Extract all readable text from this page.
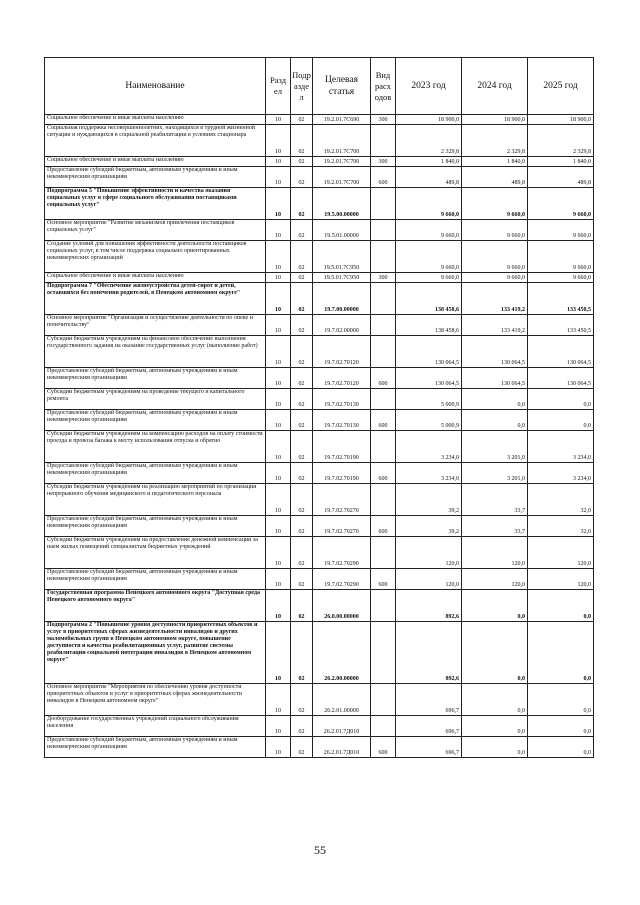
Наименование	Разд ел	Подр азде л	Целевая статья	Вид расх одов	2023 год	2024 год	2025 год
Социальное обеспечение и иные выплаты населению	10	02	19.2.01.7С690	300	18 900,0	18 900,0	18 900,0
Социальная поддержка несовершеннолетних, находящихся в трудной жизненной ситуации и нуждающихся в социальной реабилитации в условиях стационара	10	02	19.2.01.7С700		2 329,8	2 329,8	2 329,8
Социальное обеспечение и иные выплаты населению	10	02	19.2.01.7С700	300	1 840,0	1 840,0	1 840,0
Предоставление субсидий бюджетным, автономным учреждениям и иным некоммерческим организациям	10	02	19.2.01.7С700	600	489,8	489,8	489,8
Подпрограмма 5 "Повышение эффективности и качества оказания социальных услуг в сфере социального обслуживания поставщиками социальных услуг"	10	02	19.5.00.00000		9 660,0	9 660,0	9 660,0
Основное мероприятие "Развитие механизмов привлечения поставщиков социальных услуг"	10	02	19.5.01.00000		9 660,0	9 660,0	9 660,0
Создание условий для повышения эффективности деятельности поставщиков социальных услуг, в том числе поддержка социально ориентированных некоммерческих организаций	10	02	19.5.01.7С950		9 660,0	9 660,0	9 660,0
Социальное обеспечение и иные выплаты населению	10	02	19.5.01.7С950	300	9 660,0	9 660,0	9 660,0
Подпрограмма 7 "Обеспечение жизнеустройства детей-сирот и детей, оставшихся без попечения родителей, в Ненецком автономном округе"	10	02	19.7.00.00000		138 458,6	133 419,2	133 450,5
Основное мероприятие "Организация и осуществление деятельности по опеке и попечительству"	10	02	19.7.02.00000		138 458,6	133 419,2	133 450,5
Субсидии бюджетным учреждениям на финансовое обеспечение выполнения государственного задания на оказание государственных услуг (выполнение работ)	10	02	19.7.02.70120		130 064,5	130 064,5	130 064,5
Предоставление субсидий бюджетным, автономным учреждениям и иным некоммерческим организациям	10	02	19.7.02.70120	600	130 064,5	130 064,5	130 064,5
Субсидии бюджетным учреждениям на проведение текущего и капитального ремонта	10	02	19.7.02.70130		5 000,9	0,0	0,0
Предоставление субсидий бюджетным, автономным учреждениям и иным некоммерческим организациям	10	02	19.7.02.70130	600	5 000,9	0,0	0,0
Субсидии бюджетным учреждениям на компенсацию расходов на оплату стоимости проезда и провоза багажа к месту использования отпуска и обратно	10	02	19.7.02.70190		3 234,0	3 201,0	3 234,0
Предоставление субсидий бюджетным, автономным учреждениям и иным некоммерческим организациям	10	02	19.7.02.70190	600	3 234,0	3 201,0	3 234,0
Субсидии бюджетным учреждениям на реализацию мероприятий по организации непрерывного обучения медицинского и педагогического персонала	10	02	19.7.02.70270		39,2	33,7	32,0
Предоставление субсидий бюджетным, автономным учреждениям и иным некоммерческим организациям	10	02	19.7.02.70270	600	39,2	33,7	32,0
Субсидии бюджетным учреждениям на предоставление денежной компенсации за наем жилых помещений специалистам бюджетных учреждений	10	02	19.7.02.70290		120,0	120,0	120,0
Предоставление субсидий бюджетным, автономным учреждениям и иным некоммерческим организациям	10	02	19.7.02.70290	600	120,0	120,0	120,0
Государственная программа Ненецкого автономного округа "Доступная среда Ненецкого автономного округа"	10	02	26.0.00.00000		892,6	0,0	0,0
Подпрограмма 2 "Повышение уровня доступности приоритетных объектов и услуг в приоритетных сферах жизнедеятельности инвалидов и других маломобильных групп в Ненецком автономном округе, повышение доступности и качества реабилитационных услуг, развитие системы реабилитации социальной интеграции инвалидов в Ненецком автономном округе"	10	02	26.2.00.00000		892,6	0,0	0,0
Основное мероприятие "Мероприятия по обеспечению уровня доступности приоритетных объектов и услуг в приоритетных сферах жизнедеятельности инвалидов в Ненецком автономном округе"	10	02	26.2.01.00000		696,7	0,0	0,0
Дооборудование государственных учреждений социального обслуживания населения	10	02	26.2.01.7Д010		696,7	0,0	0,0
Предоставление субсидий бюджетным, автономным учреждениям и иным некоммерческим организациям	10	02	26.2.01.7Д010	600	696,7	0,0	0,0
55
